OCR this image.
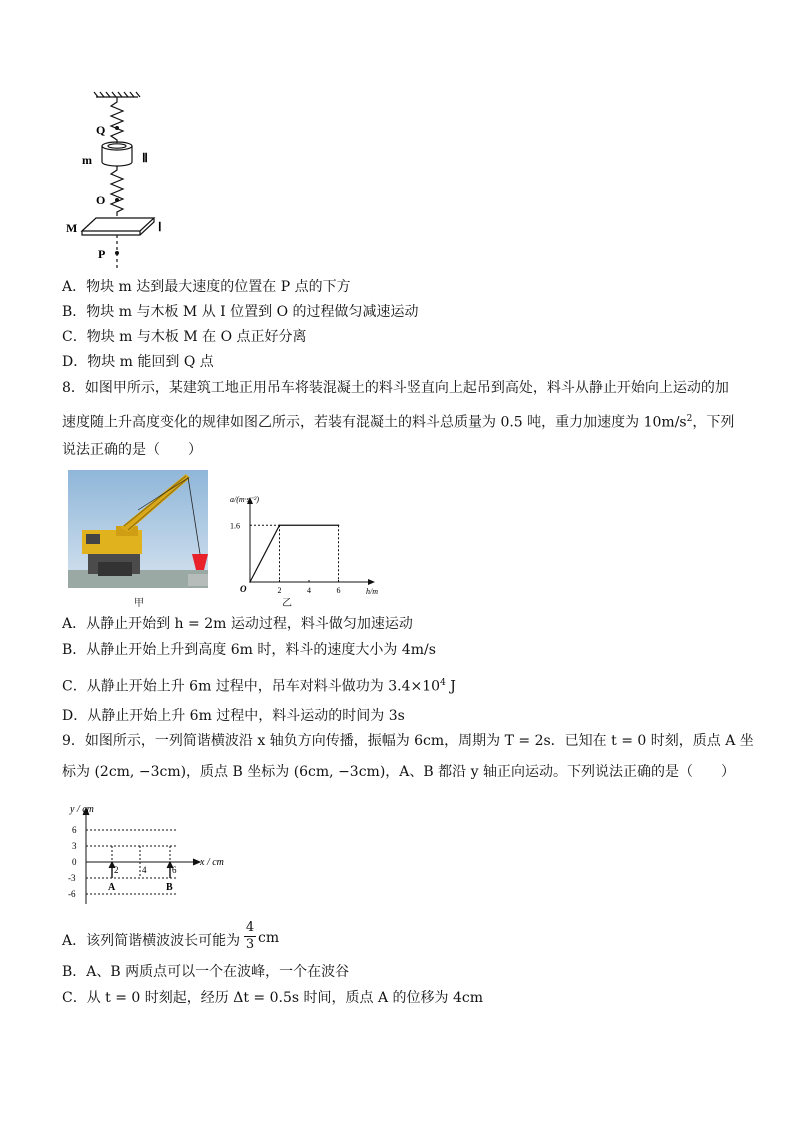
Q
m	Ⅱ
O
M	Ⅰ
P
A．物块 m 达到最大速度的位置在 P 点的下方
B．物块 m 与木板 M 从 Ⅰ 位置到 O 的过程做匀减速运动
C．物块 m 与木板 M 在 O 点正好分离
D．物块 m 能回到 Q 点
8．如图甲所示，某建筑工地正用吊车将装混凝土的料斗竖直向上起吊到高处，料斗从静止开始向上运动的加
速度随上升高度变化的规律如图乙所示，若装有混凝土的料斗总质量为 0.5 吨，重力加速度为 $10m/s^2$，下列
说法正确的是（　　）
甲
a/(m·s⁻²)
h/m
O
1.6
2	4	6
乙
A．从静止开始到 h = 2m 运动过程，料斗做匀加速运动
B．从静止开始上升到高度 6m 时，料斗的速度大小为 4m/s
C．从静止开始上升 6m 过程中，吊车对料斗做功为 $3.4\times 10^4$ J
D．从静止开始上升 6m 过程中，料斗运动的时间为 3s
9．如图所示，一列简谐横波沿 x 轴负方向传播，振幅为 6cm，周期为 T = 2s．已知在 t = 0 时刻，质点 A 坐
标为 (2cm, −3cm)，质点 B 坐标为 (6cm, −3cm)，A、B 都沿 y 轴正向运动。下列说法正确的是（　　）
y / cm
x / cm
6
3
0
-3
-6
2	4	6
A	B
A．该列简谐横波波长可能为
4
3 cm
B．A、B 两质点可以一个在波峰，一个在波谷
C．从 t = 0 时刻起，经历 Δt = 0.5s 时间，质点 A 的位移为 4cm
